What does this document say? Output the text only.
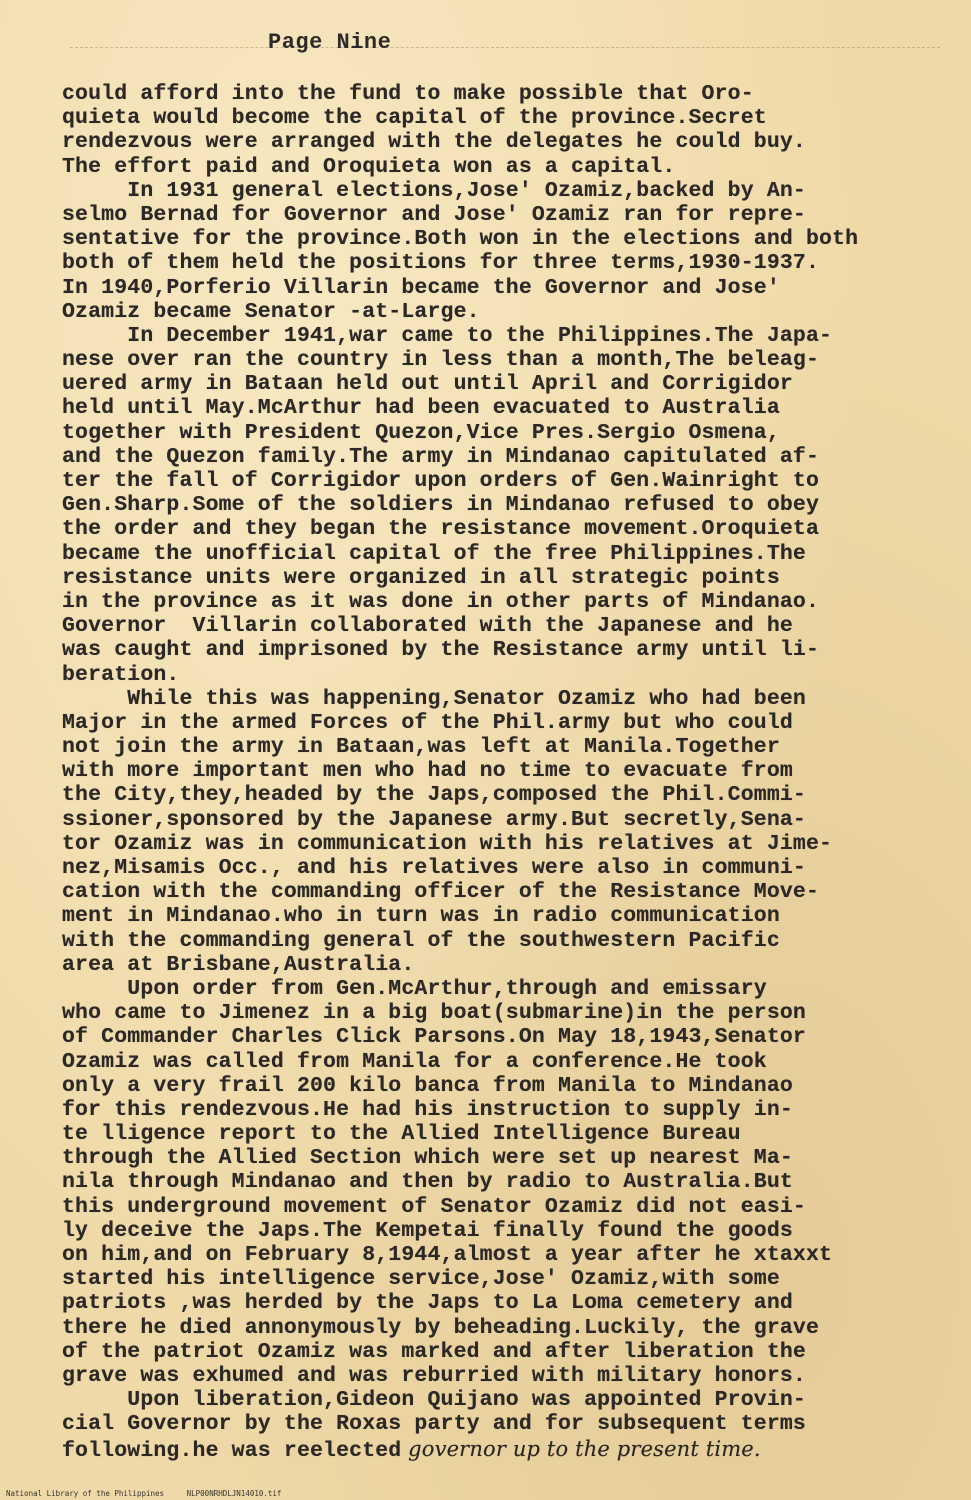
Page Nine
could afford into the fund to make possible that Oro-
quieta would become the capital of the province.Secret
rendezvous were arranged with the delegates he could buy.
The effort paid and Oroquieta won as a capital.
In 1931 general elections,Jose' Ozamiz,backed by An-
selmo Bernad for Governor and Jose' Ozamiz ran for repre-
sentative for the province.Both won in the elections and both
both of them held the positions for three terms,1930-1937.
In 1940,Porferio Villarin became the Governor and Jose'
Ozamiz became Senator -at-Large.
In December 1941,war came to the Philippines.The Japa-
nese over ran the country in less than a month,The beleag-
uered army in Bataan held out until April and Corrigidor
held until May.McArthur had been evacuated to Australia
together with President Quezon,Vice Pres.Sergio Osmena,
and the Quezon family.The army in Mindanao capitulated af-
ter the fall of Corrigidor upon orders of Gen.Wainright to
Gen.Sharp.Some of the soldiers in Mindanao refused to obey
the order and they began the resistance movement.Oroquieta
became the unofficial capital of the free Philippines.The
resistance units were organized in all strategic points
in the province as it was done in other parts of Mindanao.
Governor  Villarin collaborated with the Japanese and he
was caught and imprisoned by the Resistance army until li-
beration.
While this was happening,Senator Ozamiz who had been
Major in the armed Forces of the Phil.army but who could
not join the army in Bataan,was left at Manila.Together
with more important men who had no time to evacuate from
the City,they,headed by the Japs,composed the Phil.Commi-
ssioner,sponsored by the Japanese army.But secretly,Sena-
tor Ozamiz was in communication with his relatives at Jime-
nez,Misamis Occ., and his relatives were also in communi-
cation with the commanding officer of the Resistance Move-
ment in Mindanao.who in turn was in radio communication
with the commanding general of the southwestern Pacific
area at Brisbane,Australia.
Upon order from Gen.McArthur,through and emissary
who came to Jimenez in a big boat(submarine)in the person
of Commander Charles Click Parsons.On May 18,1943,Senator
Ozamiz was called from Manila for a conference.He took
only a very frail 200 kilo banca from Manila to Mindanao
for this rendezvous.He had his instruction to supply in-
te lligence report to the Allied Intelligence Bureau
through the Allied Section which were set up nearest Ma-
nila through Mindanao and then by radio to Australia.But
this underground movement of Senator Ozamiz did not easi-
ly deceive the Japs.The Kempetai finally found the goods
on him,and on February 8,1944,almost a year after he xtaxxt
started his intelligence service,Jose' Ozamiz,with some
patriots ,was herded by the Japs to La Loma cemetery and
there he died annonymously by beheading.Luckily, the grave
of the patriot Ozamiz was marked and after liberation the
grave was exhumed and was reburried with military honors.
Upon liberation,Gideon Quijano was appointed Provin-
cial Governor by the Roxas party and for subsequent terms
following.he was reelected governor up to the present time.
National Library of the Philippines     NLP00NRHDLJN14010.tif
